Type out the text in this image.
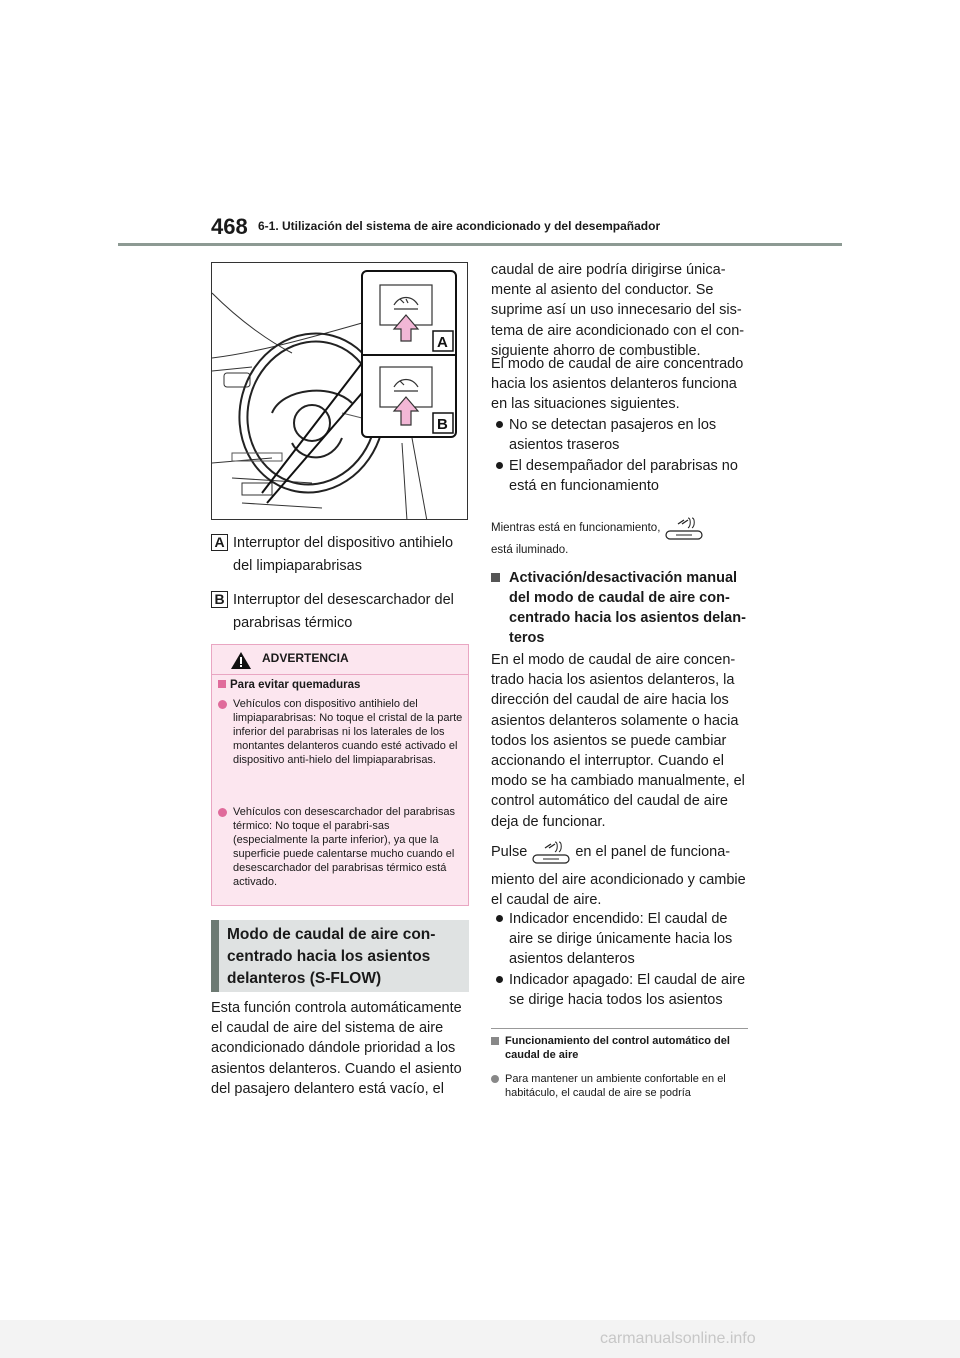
468 6-1. Utilización del sistema de aire acondicionado y del desempañador
A
B
A Interruptor del dispositivo antihielo del limpiaparabrisas
B Interruptor del desescarchador del parabrisas térmico
ADVERTENCIA
Para evitar quemaduras
Vehículos con dispositivo antihielo del limpiaparabrisas: No toque el cristal de la parte inferior del parabrisas ni los laterales de los montantes delanteros cuando esté activado el dispositivo anti-hielo del limpiaparabrisas.
Vehículos con desescarchador del parabrisas térmico: No toque el parabri-sas (especialmente la parte inferior), ya que la superficie puede calentarse mucho cuando el desescarchador del parabrisas térmico está activado.
Modo de caudal de aire con-centrado hacia los asientos delanteros (S-FLOW)
Esta función controla automáticamente el caudal de aire del sistema de aire acondicionado dándole prioridad a los asientos delanteros. Cuando el asiento del pasajero delantero está vacío, el
caudal de aire podría dirigirse única-mente al asiento del conductor. Se suprime así un uso innecesario del sis-tema de aire acondicionado con el con-siguiente ahorro de combustible.
El modo de caudal de aire concentrado hacia los asientos delanteros funciona en las situaciones siguientes.
No se detectan pasajeros en los asientos traseros
El desempañador del parabrisas no está en funcionamiento
Mientras está en funcionamiento,
está iluminado.
Activación/desactivación manual del modo de caudal de aire con-centrado hacia los asientos delan-teros
En el modo de caudal de aire concen-trado hacia los asientos delanteros, la dirección del caudal de aire hacia los asientos delanteros solamente o hacia todos los asientos se puede cambiar accionando el interruptor. Cuando el modo se ha cambiado manualmente, el control automático del caudal de aire deja de funcionar.
Pulse	en el panel de funciona-
miento del aire acondicionado y cambie el caudal de aire.
Indicador encendido: El caudal de aire se dirige únicamente hacia los asientos delanteros
Indicador apagado: El caudal de aire se dirige hacia todos los asientos
Funcionamiento del control automático del caudal de aire
Para mantener un ambiente confortable en el habitáculo, el caudal de aire se podría
carmanualsonline.info
